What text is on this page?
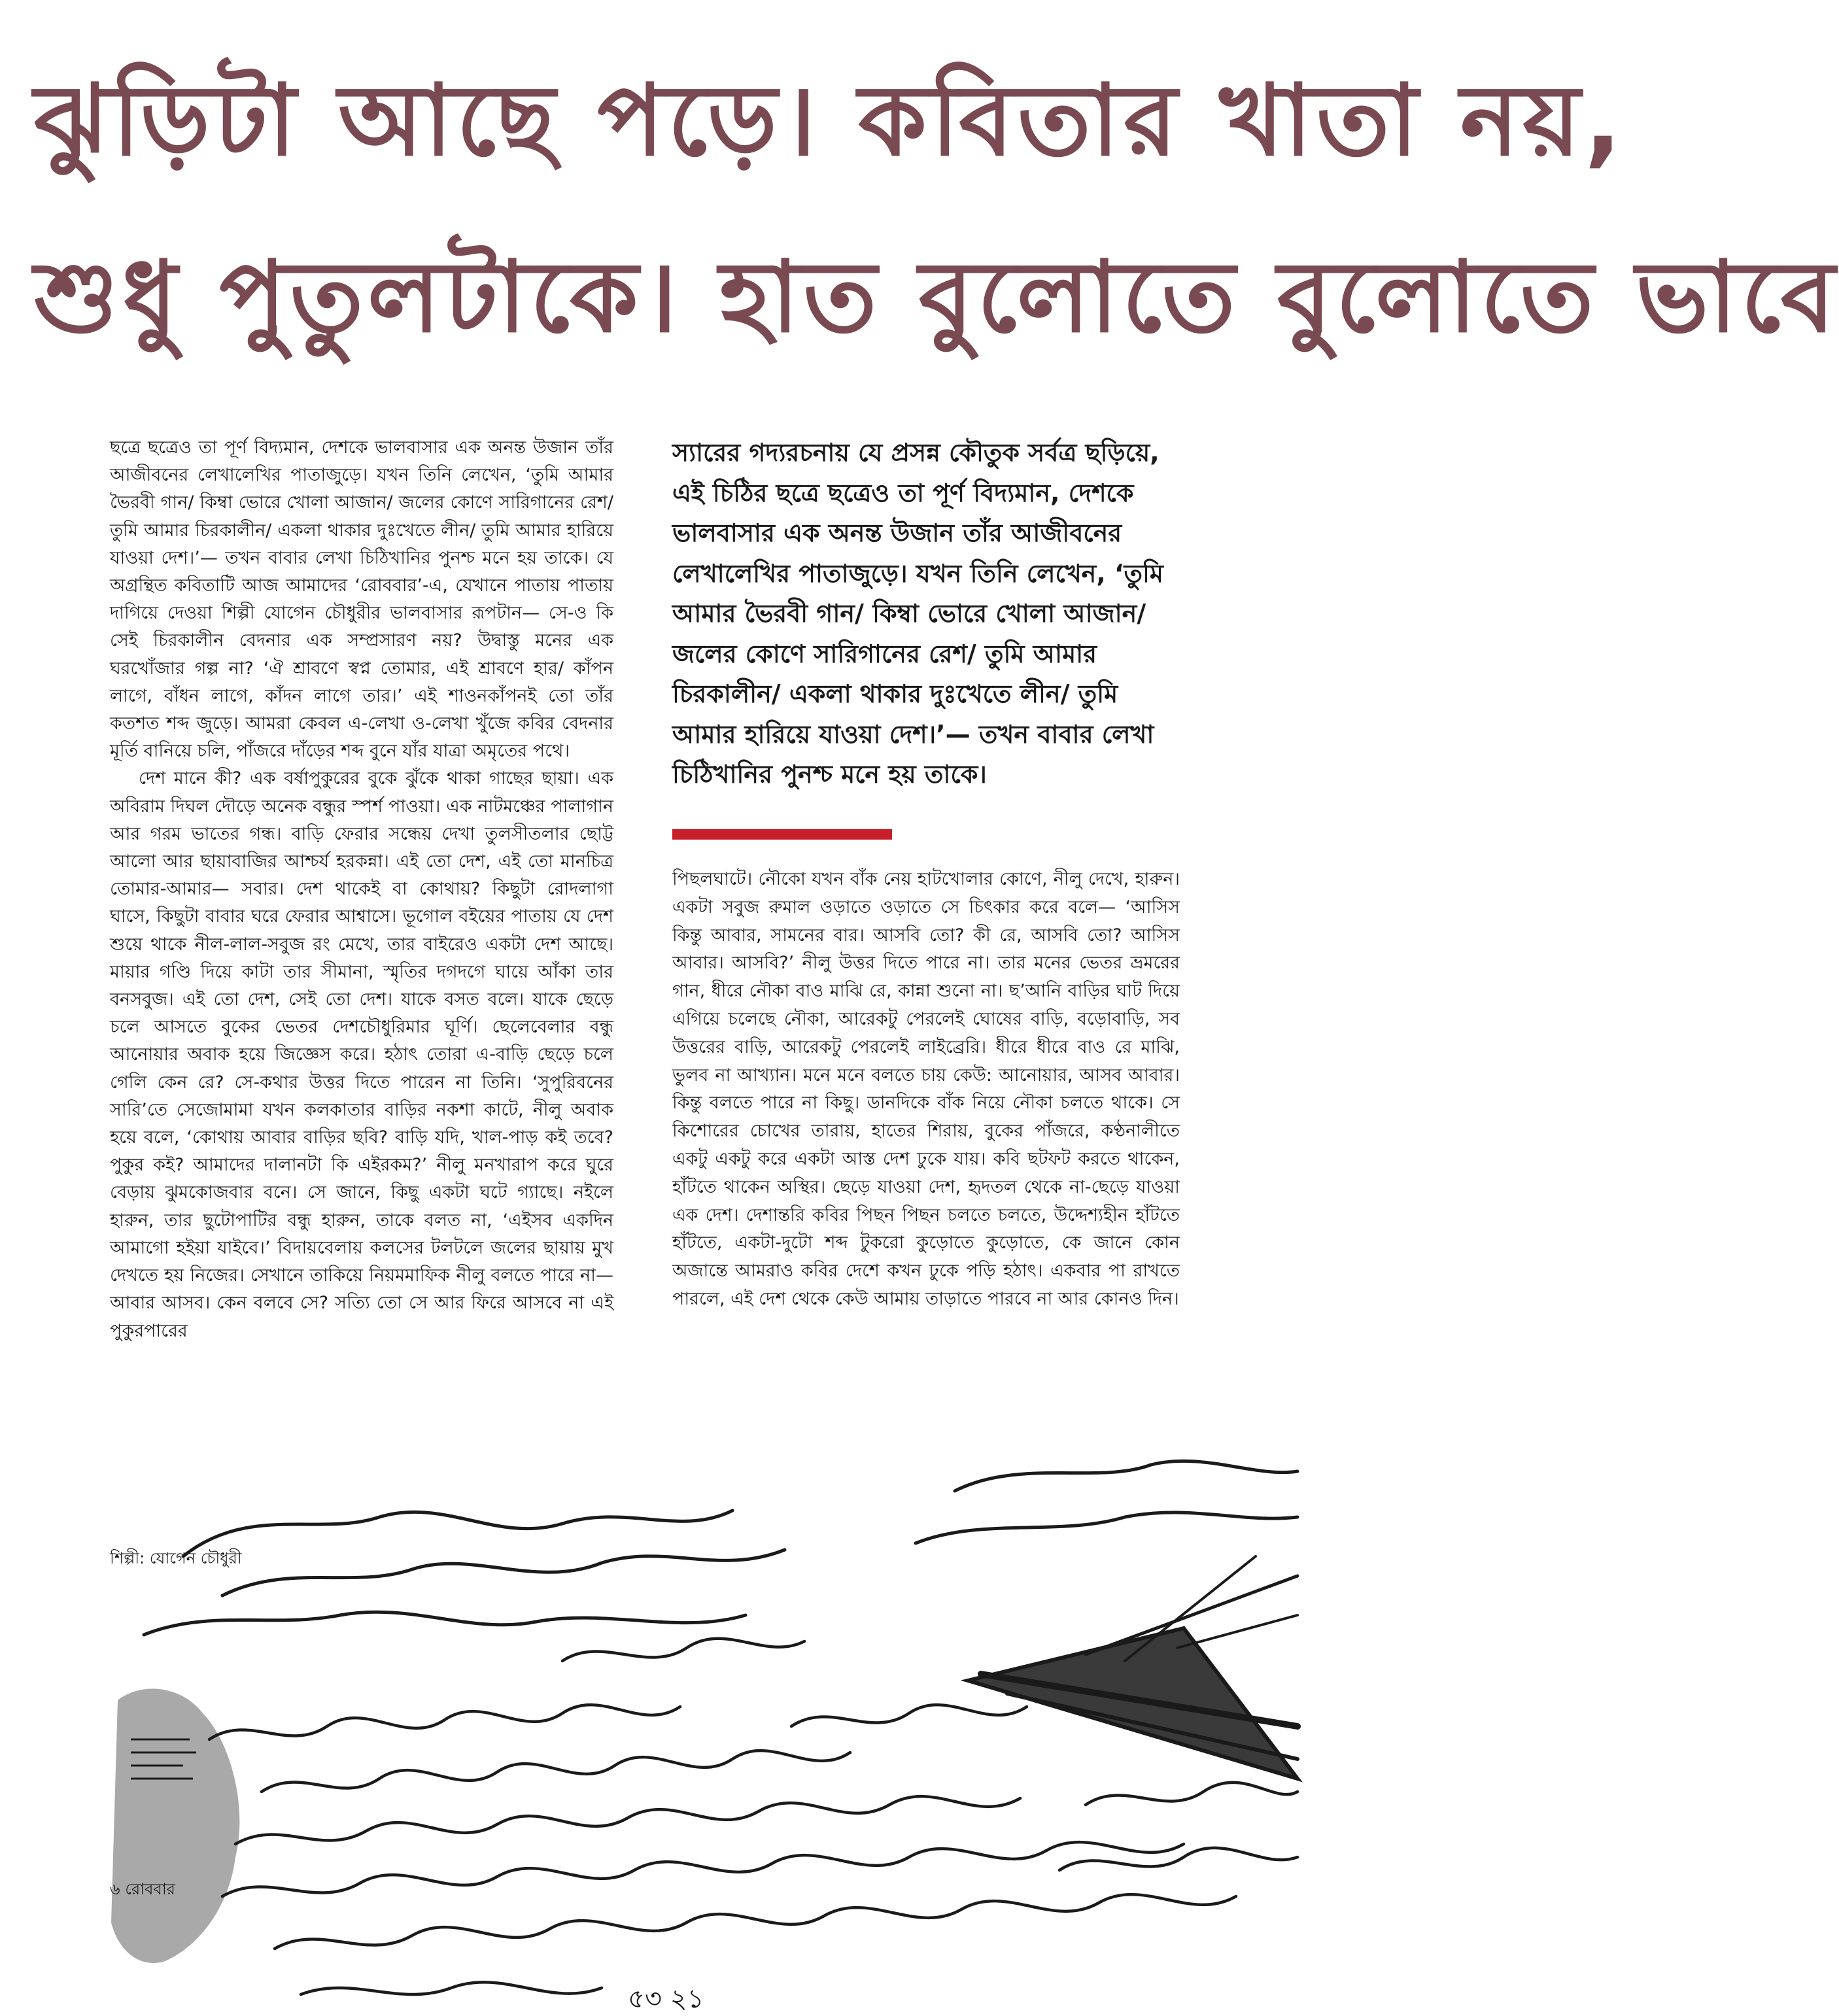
ঝুড়িটা আছে পড়ে। কবিতার খাতা নয়,
শুধু পুতুলটাকে। হাত বুলোতে বুলোতে ভাবে

ছত্রে ছত্রেও তা পূর্ণ বিদ্যমান, দেশকে ভালবাসার এক অনন্ত উজান তাঁর আজীবনের লেখালেখির পাতাজুড়ে। যখন তিনি লেখেন, ‘তুমি আমার ভৈরবী গান/ কিম্বা ভোরে খোলা আজান/ জলের কোণে সারিগানের রেশ/ তুমি আমার চিরকালীন/ একলা থাকার দুঃখেতে লীন/ তুমি আমার হারিয়ে যাওয়া দেশ।’— তখন বাবার লেখা চিঠিখানির পুনশ্চ মনে হয় তাকে। যে অগ্রন্থিত কবিতাটি আজ আমাদের ‘রোববার’-এ, যেখানে পাতায় পাতায় দাগিয়ে দেওয়া শিল্পী যোগেন চৌধুরীর ভালবাসার রূপটান— সে-ও কি সেই চিরকালীন বেদনার এক সম্প্রসারণ নয়? উদ্বাস্তু মনের এক ঘরখোঁজার গল্প না? ‘ঐ শ্রাবণে স্বপ্ন তোমার, এই শ্রাবণে হার/ কাঁপন লাগে, বাঁধন লাগে, কাঁদন লাগে তার।’ এই শাওনকাঁপনই তো তাঁর কতশত শব্দ জুড়ে। আমরা কেবল এ-লেখা ও-লেখা খুঁজে কবির বেদনার মূর্তি বানিয়ে চলি, পাঁজরে দাঁড়ের শব্দ বুনে যাঁর যাত্রা অমৃতের পথে।

দেশ মানে কী? এক বর্ষাপুকুরের বুকে ঝুঁকে থাকা গাছের ছায়া। এক অবিরাম দিঘল দৌড়ে অনেক বন্ধুর স্পর্শ পাওয়া। এক নাটমঞ্চের পালাগান আর গরম ভাতের গন্ধ। বাড়ি ফেরার সন্ধেয় দেখা তুলসীতলার ছোট্ট আলো আর ছায়াবাজির আশ্চর্য হরকন্না। এই তো দেশ, এই তো মানচিত্র তোমার-আমার— সবার। দেশ থাকেই বা কোথায়? কিছুটা রোদলাগা ঘাসে, কিছুটা বাবার ঘরে ফেরার আশ্বাসে। ভূগোল বইয়ের পাতায় যে দেশ শুয়ে থাকে নীল-লাল-সবুজ রং মেখে, তার বাইরেও একটা দেশ আছে। মায়ার গণ্ডি দিয়ে কাটা তার সীমানা, স্মৃতির দগদগে ঘায়ে আঁকা তার বনসবুজ। এই তো দেশ, সেই তো দেশ। যাকে বসত বলে। যাকে ছেড়ে চলে আসতে বুকের ভেতর দেশচৌধুরিমার ঘূর্ণি। ছেলেবেলার বন্ধু আনোয়ার অবাক হয়ে জিজ্ঞেস করে। হঠাৎ তোরা এ-বাড়ি ছেড়ে চলে গেলি কেন রে? সে-কথার উত্তর দিতে পারেন না তিনি। ‘সুপুরিবনের সারি’তে সেজোমামা যখন কলকাতার বাড়ির নকশা কাটে, নীলু অবাক হয়ে বলে, ‘কোথায় আবার বাড়ির ছবি? বাড়ি যদি, খাল-পাড় কই তবে? পুকুর কই? আমাদের দালানটা কি এইরকম?’ নীলু মনখারাপ করে ঘুরে বেড়ায় ঝুমকোজবার বনে। সে জানে, কিছু একটা ঘটে গ্যাছে। নইলে হারুন, তার ছুটোপাটির বন্ধু হারুন, তাকে বলত না, ‘এইসব একদিন আমাগো হইয়া যাইবে।’ বিদায়বেলায় কলসের টলটলে জলের ছায়ায় মুখ দেখতে হয় নিজের। সেখানে তাকিয়ে নিয়মমাফিক নীলু বলতে পারে না— আবার আসব। কেন বলবে সে? সত্যি তো সে আর ফিরে আসবে না এই পুকুরপারের

স্যারের গদ্যরচনায় যে প্রসন্ন কৌতুক সর্বত্র ছড়িয়ে, এই চিঠির ছত্রে ছত্রেও তা পূর্ণ বিদ্যমান, দেশকে ভালবাসার এক অনন্ত উজান তাঁর আজীবনের লেখালেখির পাতাজুড়ে। যখন তিনি লেখেন, ‘তুমি আমার ভৈরবী গান/ কিম্বা ভোরে খোলা আজান/ জলের কোণে সারিগানের রেশ/ তুমি আমার চিরকালীন/ একলা থাকার দুঃখেতে লীন/ তুমি আমার হারিয়ে যাওয়া দেশ।’— তখন বাবার লেখা চিঠিখানির পুনশ্চ মনে হয় তাকে।

পিছলঘাটে। নৌকো যখন বাঁক নেয় হাটখোলার কোণে, নীলু দেখে, হারুন। একটা সবুজ রুমাল ওড়াতে ওড়াতে সে চিৎকার করে বলে— ‘আসিস কিন্তু আবার, সামনের বার। আসবি তো? কী রে, আসবি তো? আসিস আবার। আসবি?’ নীলু উত্তর দিতে পারে না। তার মনের ভেতর ভ্রমরের গান, ধীরে নৌকা বাও মাঝি রে, কান্না শুনো না। ছ’আনি বাড়ির ঘাট দিয়ে এগিয়ে চলেছে নৌকা, আরেকটু পেরলেই ঘোষের বাড়ি, বড়োবাড়ি, সব উত্তরের বাড়ি, আরেকটু পেরলেই লাইব্রেরি। ধীরে ধীরে বাও রে মাঝি, ভুলব না আখ্যান। মনে মনে বলতে চায় কেউ: আনোয়ার, আসব আবার। কিন্তু বলতে পারে না কিছু। ডানদিকে বাঁক নিয়ে নৌকা চলতে থাকে। সে কিশোরের চোখের তারায়, হাতের শিরায়, বুকের পাঁজরে, কণ্ঠনালীতে একটু একটু করে একটা আস্ত দেশ ঢুকে যায়। কবি ছটফট করতে থাকেন, হাঁটতে থাকেন অস্থির। ছেড়ে যাওয়া দেশ, হৃদতল থেকে না-ছেড়ে যাওয়া এক দেশ। দেশান্তরি কবির পিছন পিছন চলতে চলতে, উদ্দেশ্যহীন হাঁটতে হাঁটতে, একটা-দুটো শব্দ টুকরো কুড়োতে কুড়োতে, কে জানে কোন অজান্তে আমরাও কবির দেশে কখন ঢুকে পড়ি হঠাৎ। একবার পা রাখতে পারলে, এই দেশ থেকে কেউ আমায় তাড়াতে পারবে না আর কোনও দিন।

শিল্পী: যোগেন চৌধুরী
৫৩ ২১
৬ রোববার
